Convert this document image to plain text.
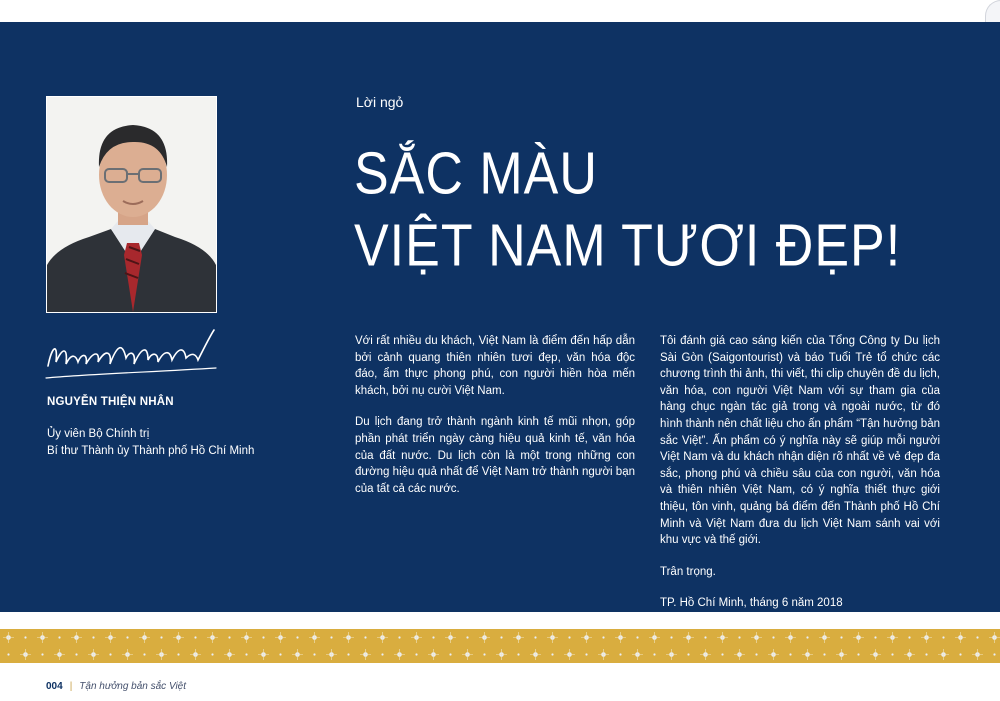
NGUYỄN THIỆN NHÂN

Ủy viên Bộ Chính trị
Bí thư Thành ủy Thành phố Hồ Chí Minh

Lời ngỏ

SẮC MÀU
VIỆT NAM TƯƠI ĐẸP!

Với rất nhiều du khách, Việt Nam là điểm đến hấp dẫn bởi cảnh quang thiên nhiên tươi đẹp, văn hóa độc đáo, ẩm thực phong phú, con người hiền hòa mến khách, bởi nụ cười Việt Nam.

Du lịch đang trở thành ngành kinh tế mũi nhọn, góp phần phát triển ngày càng hiệu quả kinh tế, văn hóa của đất nước. Du lịch còn là một trong những con đường hiệu quả nhất để Việt Nam trở thành người bạn của tất cả các nước.

Tôi đánh giá cao sáng kiến của Tổng Công ty Du lịch Sài Gòn (Saigontourist) và báo Tuổi Trẻ tổ chức các chương trình thi ảnh, thi viết, thi clip chuyên đề du lịch, văn hóa, con người Việt Nam với sự tham gia của hàng chục ngàn tác giả trong và ngoài nước, từ đó hình thành nên chất liệu cho ấn phẩm “Tận hưởng bản sắc Việt”. Ấn phẩm có ý nghĩa này sẽ giúp mỗi người Việt Nam và du khách nhận diện rõ nhất về vẻ đẹp đa sắc, phong phú và chiều sâu của con người, văn hóa và thiên nhiên Việt Nam, có ý nghĩa thiết thực giới thiệu, tôn vinh, quảng bá điểm đến Thành phố Hồ Chí Minh và Việt Nam đưa du lịch Việt Nam sánh vai với khu vực và thế giới.

Trân trọng.

TP. Hồ Chí Minh, tháng 6 năm 2018

004 | Tận hưởng bản sắc Việt
